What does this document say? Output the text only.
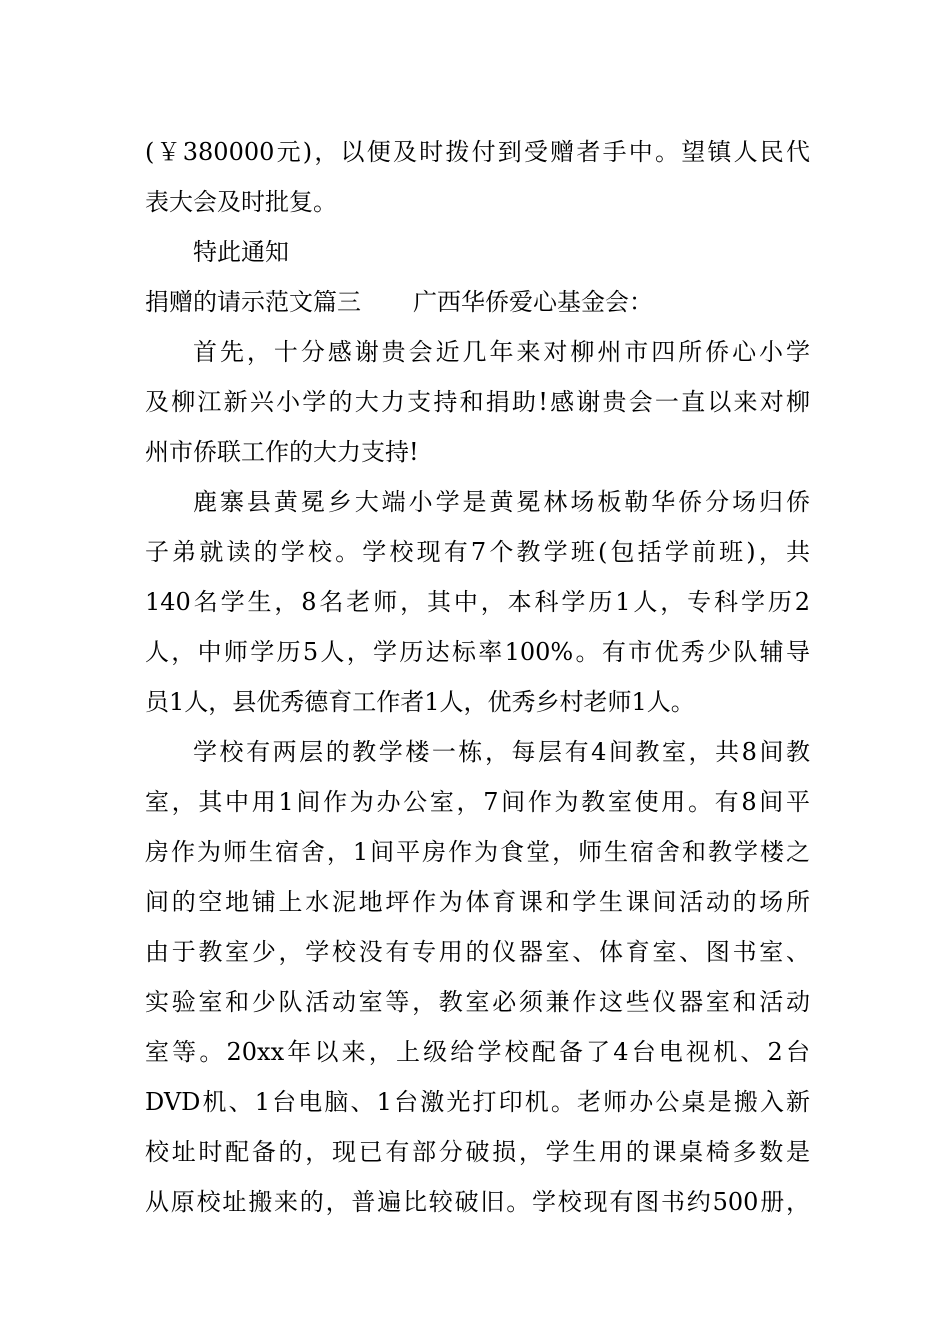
(￥380000元)，以便及时拨付到受赠者手中。望镇人民代
表大会及时批复。
特此通知
捐赠的请示范文篇三 广西华侨爱心基金会：
首先，十分感谢贵会近几年来对柳州市四所侨心小学
及柳江新兴小学的大力支持和捐助!感谢贵会一直以来对柳
州市侨联工作的大力支持!
鹿寨县黄冕乡大端小学是黄冕林场板勒华侨分场归侨
子弟就读的学校。学校现有7个教学班(包括学前班)，共
140名学生，8名老师，其中，本科学历1人，专科学历2
人，中师学历5人，学历达标率100%。有市优秀少队辅导
员1人，县优秀德育工作者1人，优秀乡村老师1人。
学校有两层的教学楼一栋，每层有4间教室，共8间教
室，其中用1间作为办公室，7间作为教室使用。有8间平
房作为师生宿舍，1间平房作为食堂，师生宿舍和教学楼之
间的空地铺上水泥地坪作为体育课和学生课间活动的场所
由于教室少，学校没有专用的仪器室、体育室、图书室、
实验室和少队活动室等，教室必须兼作这些仪器室和活动
室等。20xx年以来，上级给学校配备了4台电视机、2台
DVD机、1台电脑、1台激光打印机。老师办公桌是搬入新
校址时配备的，现已有部分破损，学生用的课桌椅多数是
从原校址搬来的，普遍比较破旧。学校现有图书约500册，
